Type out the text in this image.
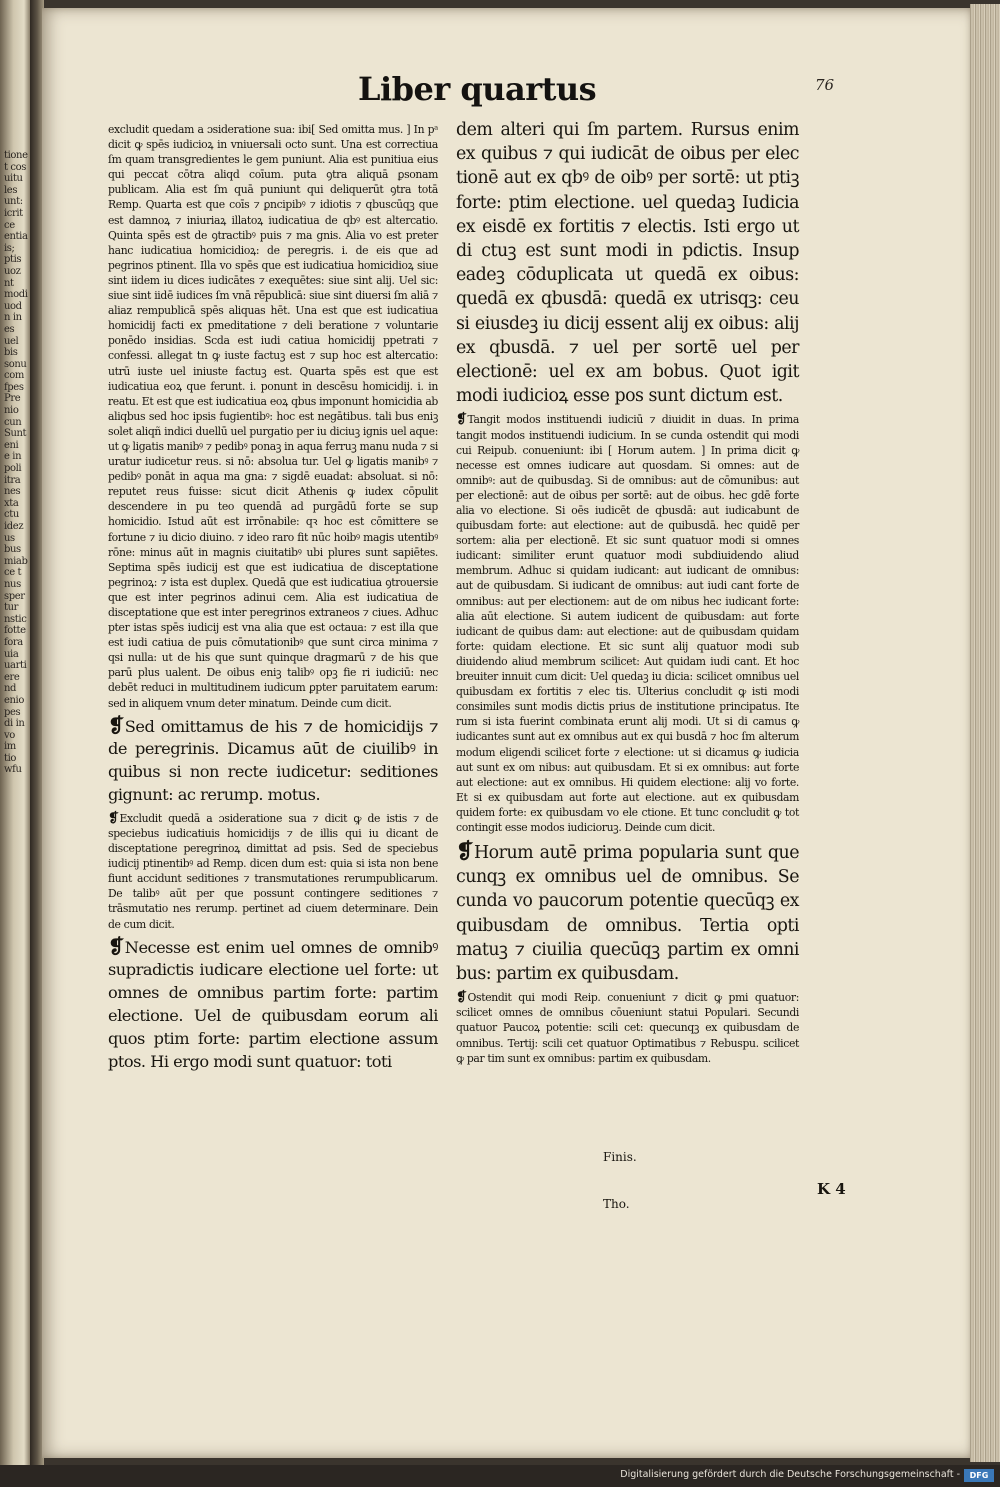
tione
t cos
uitu
les
unt:
icrit
ce
entia
is;
ptis
uoz
nt
modi
uod
n in
es
uel
bis
sonu
com
fpes
Pre
nio
cun
Sunt
eni
e in
poli
itra
nes
xta
ctu
idez
us
bus
miab
ce t
nus
sper
tur
nstic
fotte
fora
uia
uarti
ere
nd
enio
pes
di in
vo
im
tio
wfu
Liber quartus	76

excludit quedam a ɔsideratione sua: ibi[ Sed omitta mus. ] In pᵃ dicit ꝙ spēs iudicioꝝ in vniuersali octo sunt. Una est correctiua ſm quam transgredientes le gem puniunt. Alia est punitiua eius qui peccat cōtra aliqd coīum. puta ꝯtra aliquā ꝑsonam publicam. Alia est ſm quā puniunt qui deliquerūt ꝯtra totā Remp. Quarta est que coīs ⁊ ꝑncipibꝰ ⁊ idiotis ⁊ qbuscūqꝫ que est damnoꝝ ⁊ iniuriaꝝ illatoꝝ iudicatiua de qbꝰ est altercatio. Quinta spēs est de ꝯtractibꝰ puis ⁊ ma gnis. Alia vo est preter hanc iudicatiua homicidioꝝ: de peregris. i. de eis que ad pegrinos ptinent. Illa vo spēs que est iudicatiua homicidioꝝ siue sint iidem iu dices iudicātes ⁊ exequētes: siue sint alij. Uel sic: siue sint iidē iudices ſm vnā rēpublicā: siue sint diuersi ſm aliā ⁊ aliaz rempublicā spēs aliquas hēt. Una est que est iudicatiua homicidij facti ex pmeditatione ⁊ deli beratione ⁊ voluntarie ponēdo insidias. Scda est iudi catiua homicidij ppetrati ⁊ confessi. allegat tn ꝙ iuste factuꝫ est ⁊ sup hoc est altercatio: utrū iuste uel iniuste factuꝫ est. Quarta spēs est que est iudicatiua eoꝝ que ferunt. i. ponunt in descēsu homicidij. i. in reatu. Et est que est iudicatiua eoꝝ qbus imponunt homicidia ab aliqbus sed hoc ipsis fugientibꝰ: hoc est negātibus. tali bus eniꝫ solet aliqñ indici duellū uel purgatio per iu diciuꝫ ignis uel aque: ut ꝙ ligatis manibꝰ ⁊ pedibꝰ ponaꝫ in aqua ferruꝫ manu nuda ⁊ si uratur iudicetur reus. si nō: absolua tur. Uel ꝙ ligatis manibꝰ ⁊ pedibꝰ ponāt in aqua ma gna: ⁊ sigdē euadat: absoluat. si nō: reputet reus fuisse: sicut dicit Athenis ꝙ iudex cōpulit descendere in pu teo quendā ad purgādū forte se sup homicidio. Istud aūt est irrōnabile: qꝛ hoc est cōmittere se fortune ⁊ iu dicio diuino. ⁊ ideo raro fit nūc hoibꝰ magis utentibꝰ rōne: minus aūt in magnis ciuitatibꝰ ubi plures sunt sapiētes. Septima spēs iudicij est que est iudicatiua de disceptatione pegrinoꝝ: ⁊ ista est duplex. Quedā que est iudicatiua ꝯtrouersie que est inter pegrinos adinui cem. Alia est iudicatiua de disceptatione que est inter peregrinos extraneos ⁊ ciues. Adhuc pter istas spēs iudicij est vna alia que est octaua: ⁊ est illa que est iudi catiua de puis cōmutationibꝰ que sunt circa minima ⁊ qsi nulla: ut de his que sunt quinque dragmarū ⁊ de his que parū plus ualent. De oibus eniꝫ talibꝰ opꝫ fie ri iudiciū: nec debēt reduci in multitudinem iudicum ꝑpter paruitatem earum: sed in aliquem vnum deter minatum. Deinde cum dicit.

❡Sed omittamus de his ⁊ de homicidijs ⁊ de peregrinis. Dicamus aūt de ciuilibꝰ in quibus si non recte iudicetur: seditiones gignunt: ac rerump. motus.

❡Excludit quedā a ɔsideratione sua ⁊ dicit ꝙ de istis ⁊ de speciebus iudicatiuis homicidijs ⁊ de illis qui iu dicant de disceptatione peregrinoꝝ dimittat ad psis. Sed de speciebus iudicij ptinentibꝰ ad Remp. dicen dum est: quia si ista non bene fiunt accidunt seditiones ⁊ transmutationes rerumpublicarum. De talibꝰ aūt per que possunt contingere seditiones ⁊ trāsmutatio nes rerump. pertinet ad ciuem determinare. Dein de cum dicit.

❡Necesse est enim uel omnes de omnibꝰ supradictis iudicare electione uel forte: ut omnes de omnibus partim forte: partim electione. Uel de quibusdam eorum ali quos ptim forte: partim electione assum ptos. Hi ergo modi sunt quatuor: toti

dem alteri qui ſm partem. Rursus enim ex quibus ⁊ qui iudicāt de oibus per elec tionē aut ex qbꝰ de oibꝰ per sortē: ut ptiꝫ forte: ptim electione. uel quedaꝫ Iudicia ex eisdē ex fortitis ⁊ electis. Isti ergo ut di ctuꝫ est sunt modi in pdictis. Insup eadeꝫ cōduplicata ut quedā ex oibus: quedā ex qbusdā: quedā ex utrisqꝫ: ceu si eiusdeꝫ iu dicij essent alij ex oibus: alij ex qbusdā. ⁊ uel per sortē uel per electionē: uel ex am bobus. Quot igit modi iudicioꝝ esse pos sunt dictum est.

❡Tangit modos instituendi iudiciū ⁊ diuidit in duas. In prima tangit modos instituendi iudicium. In se cunda ostendit qui modi cui Reipub. conueniunt: ibi [ Horum autem. ] In prima dicit ꝙ necesse est omnes iudicare aut quosdam. Si omnes: aut de omnibꝰ: aut de quibusdaꝫ. Si de omnibus: aut de cōmunibus: aut per electionē: aut de oibus per sortē: aut de oibus. hec gdē forte alia vo electione. Si oēs iudicēt de qbusdā: aut iudicabunt de quibusdam forte: aut electione: aut de quibusdā. hec quidē per sortem: alia per electionē. Et sic sunt quatuor modi si omnes iudicant: similiter erunt quatuor modi subdiuidendo aliud membrum. Adhuc si quidam iudicant: aut iudicant de omnibus: aut de quibusdam. Si iudicant de omnibus: aut iudi cant forte de omnibus: aut per electionem: aut de om nibus hec iudicant forte: alia aūt electione. Si autem iudicent de quibusdam: aut forte iudicant de quibus dam: aut electione: aut de quibusdam quidam forte: quidam electione. Et sic sunt alij quatuor modi sub diuidendo aliud membrum scilicet: Aut quidam iudi cant. Et hoc breuiter innuit cum dicit: Uel quedaꝫ iu dicia: scilicet omnibus uel quibusdam ex fortitis ⁊ elec tis. Ulterius concludit ꝙ isti modi consimiles sunt modis dictis prius de institutione principatus. Ite rum si ista fuerint combinata erunt alij modi. Ut si di camus ꝙ iudicantes sunt aut ex omnibus aut ex qui busdā ⁊ hoc ſm alterum modum eligendi scilicet forte ⁊ electione: ut si dicamus ꝙ iudicia aut sunt ex om nibus: aut quibusdam. Et si ex omnibus: aut forte aut electione: aut ex omnibus. Hi quidem electione: alij vo forte. Et si ex quibusdam aut forte aut electione. aut ex quibusdam quidem forte: ex quibusdam vo ele ctione. Et tunc concludit ꝙ tot contingit esse modos iudicioruꝫ. Deinde cum dicit.

❡Horum autē prima popularia sunt que cunqꝫ ex omnibus uel de omnibus. Se cunda vo paucorum potentie quecūqꝫ ex quibusdam de omnibus. Tertia opti matuꝫ ⁊ ciuilia quecūqꝫ partim ex omni bus: partim ex quibusdam.

❡Ostendit qui modi Reip. conueniunt ⁊ dicit ꝙ pmi quatuor: scilicet omnes de omnibus cōueniunt statui Populari. Secundi quatuor Paucoꝝ potentie: scili cet: quecunqꝫ ex quibusdam de omnibus. Tertij: scili cet quatuor Optimatibus ⁊ Rebuspu. scilicet ꝙ par tim sunt ex omnibus: partim ex quibusdam.

Finis.
K 4
Tho.
Digitalisierung gefördert durch die Deutsche Forschungsgemeinschaft -	DFG
